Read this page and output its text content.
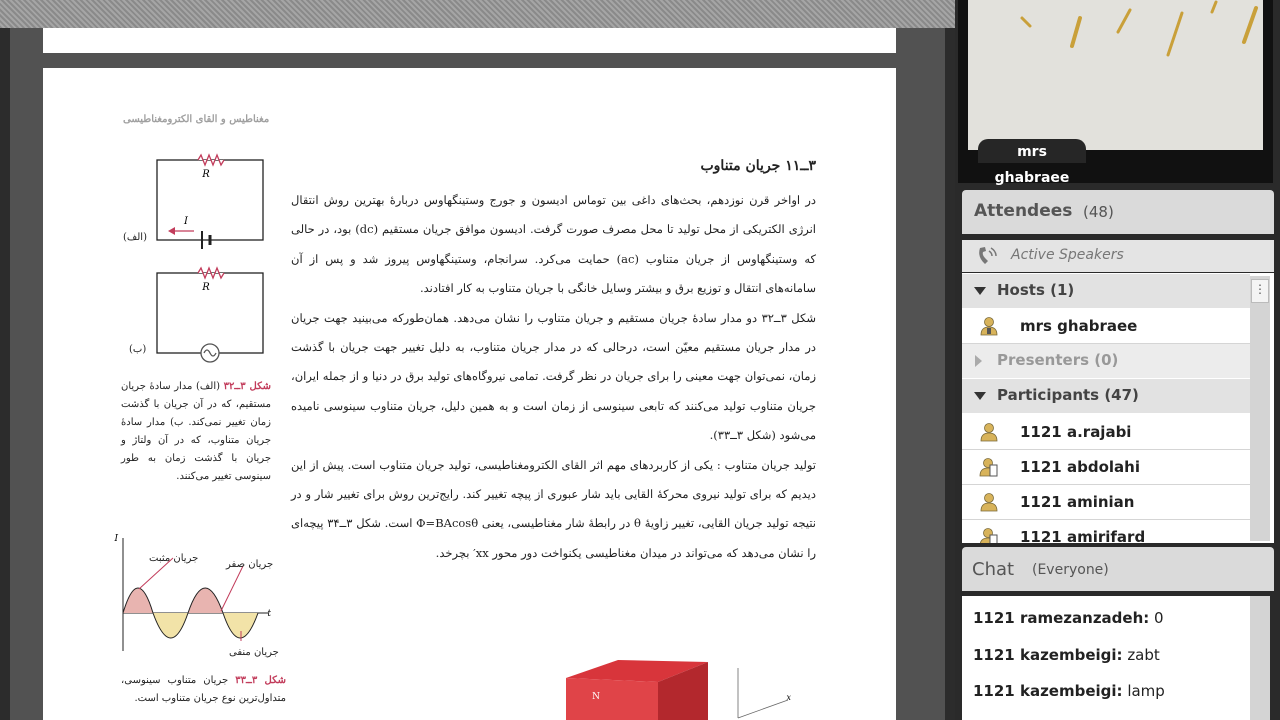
مغناطیس و القای الکترومغناطیسی
۳ــ۱۱ جریان متناوب

در اواخر قرن نوزدهم، بحث‌های داغی بین توماس ادیسون و جورج وستینگهاوس دربارهٔ بهترین روش انتقال انرژی الکتریکی از محل تولید تا محل مصرف صورت گرفت. ادیسون موافق جریان مستقیم (dc) بود، در حالی که وستینگهاوس از جریان متناوب (ac) حمایت می‌کرد. سرانجام، وستینگهاوس پیروز شد و پس از آن سامانه‌های انتقال و توزیع برق و بیشتر وسایل خانگی با جریان متناوب به کار افتادند.

شکل ۳ــ۳۲ دو مدار سادهٔ جریان مستقیم و جریان متناوب را نشان می‌دهد. همان‌طورکه می‌بینید جهت جریان در مدار جریان مستقیم معیّن است، درحالی که در مدار جریان متناوب، به دلیل تغییر جهت جریان با گذشت زمان، نمی‌توان جهت معینی را برای جریان در نظر گرفت. تمامی نیروگاه‌های تولید برق در دنیا و از جمله ایران، جریان متناوب تولید می‌کنند که تابعی سینوسی از زمان است و به همین دلیل، جریان متناوب سینوسی نامیده می‌شود (شکل ۳ــ۳۳).

تولید جریان متناوب : یکی از کاربردهای مهم اثر القای الکترومغناطیسی، تولید جریان متناوب است. پیش از این دیدیم که برای تولید نیروی محرکهٔ القایی باید شار عبوری از پیچه تغییر کند. رایج‌ترین روش برای تغییر شار و در نتیجه تولید جریان القایی، تغییر زاویهٔ θ در رابطهٔ شار مغناطیسی، یعنی Φ=BAcosθ است. شکل ۳ــ۳۴ پیچه‌ای را نشان می‌دهد که می‌تواند در میدان مغناطیسی یکنواخت دور محور xx′ بچرخد.

R
R
I
(الف)
(ب)
شکل ۳ــ۳۲ (الف) مدار سادهٔ جریان مستقیم، که در آن جریان با گذشت زمان تغییر نمی‌کند. ب) مدار سادهٔ جریان متناوب، که در آن ولتاژ و جریان با گذشت زمان به طور سینوسی تغییر می‌کنند.
I
t
جریان مثبت
جریان صفر
جریان منفی
شکل ۳ــ۳۳ جریان متناوب سینوسی، متداول‌ترین نوع جریان متناوب است.	N	x
mrs ghabraee
Attendees (48)
Active Speakers
Hosts (1)
mrs ghabraee
Presenters (0)
Participants (47)
1121 a.rajabi
1121 abdolahi
1121 aminian
1121 amirifard
⋮
Chat (Everyone)
1121 ramezanzadeh: 0
1121 kazembeigi: zabt
1121 kazembeigi: lamp
